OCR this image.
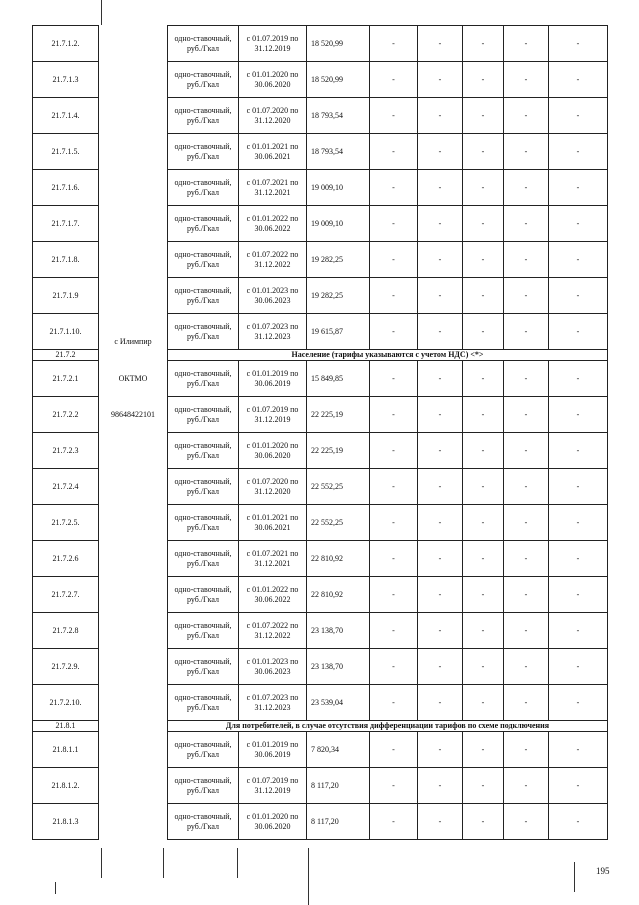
21.7.1.2.		одно-ставочный, руб./Гкал	с 01.07.2019 по 31.12.2019	18 520,99	-	-	-	-	-
21.7.1.3		одно-ставочный, руб./Гкал	с 01.01.2020 по 30.06.2020	18 520,99	-	-	-	-	-
21.7.1.4.		одно-ставочный, руб./Гкал	с 01.07.2020 по 31.12.2020	18 793,54	-	-	-	-	-
21.7.1.5.		одно-ставочный, руб./Гкал	с 01.01.2021 по 30.06.2021	18 793,54	-	-	-	-	-
21.7.1.6.		одно-ставочный, руб./Гкал	с 01.07.2021 по 31.12.2021	19 009,10	-	-	-	-	-
21.7.1.7.		одно-ставочный, руб./Гкал	с 01.01.2022 по 30.06.2022	19 009,10	-	-	-	-	-
21.7.1.8.		одно-ставочный, руб./Гкал	с 01.07.2022 по 31.12.2022	19 282,25	-	-	-	-	-
21.7.1.9		одно-ставочный, руб./Гкал	с 01.01.2023 по 30.06.2023	19 282,25	-	-	-	-	-
21.7.1.10.		одно-ставочный, руб./Гкал	с 01.07.2023 по 31.12.2023	19 615,87	-	-	-	-	-
21.7.2	с Илимпир	Население (тарифы указываются с учетом НДС) <*>							
21.7.2.1	ОКТМО	одно-ставочный, руб./Гкал	с 01.01.2019 по 30.06.2019	15 849,85	-	-	-	-	-
21.7.2.2	98648422101	одно-ставочный, руб./Гкал	с 01.07.2019 по 31.12.2019	22 225,19	-	-	-	-	-
21.7.2.3		одно-ставочный, руб./Гкал	с 01.01.2020 по 30.06.2020	22 225,19	-	-	-	-	-
21.7.2.4		одно-ставочный, руб./Гкал	с 01.07.2020 по 31.12.2020	22 552,25	-	-	-	-	-
21.7.2.5.		одно-ставочный, руб./Гкал	с 01.01.2021 по 30.06.2021	22 552,25	-	-	-	-	-
21.7.2.6		одно-ставочный, руб./Гкал	с 01.07.2021 по 31.12.2021	22 810,92	-	-	-	-	-
21.7.2.7.		одно-ставочный, руб./Гкал	с 01.01.2022 по 30.06.2022	22 810,92	-	-	-	-	-
21.7.2.8		одно-ставочный, руб./Гкал	с 01.07.2022 по 31.12.2022	23 138,70	-	-	-	-	-
21.7.2.9.		одно-ставочный, руб./Гкал	с 01.01.2023 по 30.06.2023	23 138,70	-	-	-	-	-
21.7.2.10.		одно-ставочный, руб./Гкал	с 01.07.2023 по 31.12.2023	23 539,04	-	-	-	-	-
21.8.1		Для потребителей, в случае отсутствия дифференциации тарифов по схеме подключения							
21.8.1.1		одно-ставочный, руб./Гкал	с 01.01.2019 по 30.06.2019	7 820,34	-	-	-	-	-
21.8.1.2.		одно-ставочный, руб./Гкал	с 01.07.2019 по 31.12.2019	8 117,20	-	-	-	-	-
21.8.1.3		одно-ставочный, руб./Гкал	с 01.01.2020 по 30.06.2020	8 117,20	-	-	-	-	-
195
